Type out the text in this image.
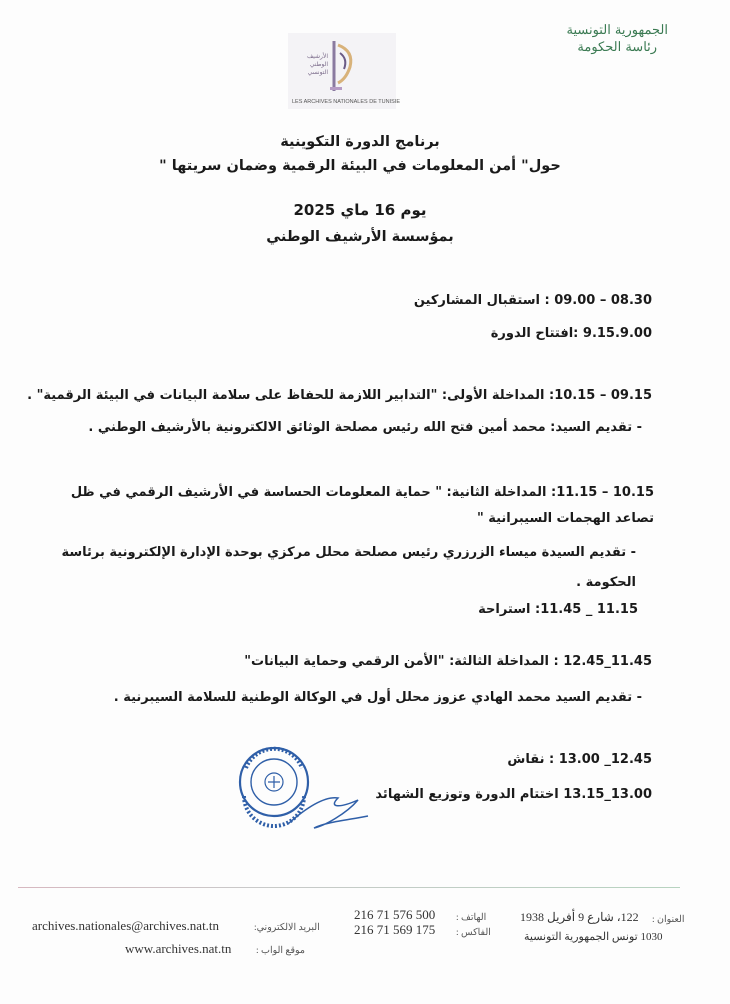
الجمهورية التونسية
رئاسة الحكومة
الأرشيف الوطني التونسي
LES ARCHIVES NATIONALES DE TUNISIE
برنامج الدورة التكوينية
حول" أمن المعلومات في البيئة الرقمية وضمان سريتها "
يوم 16 ماي 2025
بمؤسسة الأرشيف الوطني
08.30 – 09.00 : استقبال المشاركين
9.15.9.00 :افتتاح الدورة
09.15 – 10.15: المداخلة الأولى: "التدابير اللازمة للحفاظ على سلامة البيانات في البيئة الرقمية" .
- تقديم السيد: محمد أمين فتح الله رئيس مصلحة الوثائق الالكترونية بالأرشيف الوطني .
10.15 – 11.15: المداخلة الثانية: " حماية المعلومات الحساسة في الأرشيف الرقمي في ظل تصاعد الهجمات السيبرانية "
- تقديم السيدة ميساء الزرزري رئيس مصلحة محلل مركزي بوحدة الإدارة الإلكترونية برئاسة الحكومة .
11.15 _ 11.45: استراحة
11.45_12.45 : المداخلة الثالثة: "الأمن الرقمي وحماية البيانات"
- تقديم السيد محمد الهادي عزوز محلل أول في الوكالة الوطنية للسلامة السيبرنية .
12.45_ 13.00 : نقاش
13.00_13.15 اختتام الدورة وتوزيع الشهائد
archives.nationales@archives.nat.tn	البريد الالكتروني:
www.archives.nat.tn	موقع الواب :
216 71 576 500 الهاتف :
216 71 569 175 الفاكس :
122، شارع 9 أفريل 1938 العنوان :
1030 تونس الجمهورية التونسية
